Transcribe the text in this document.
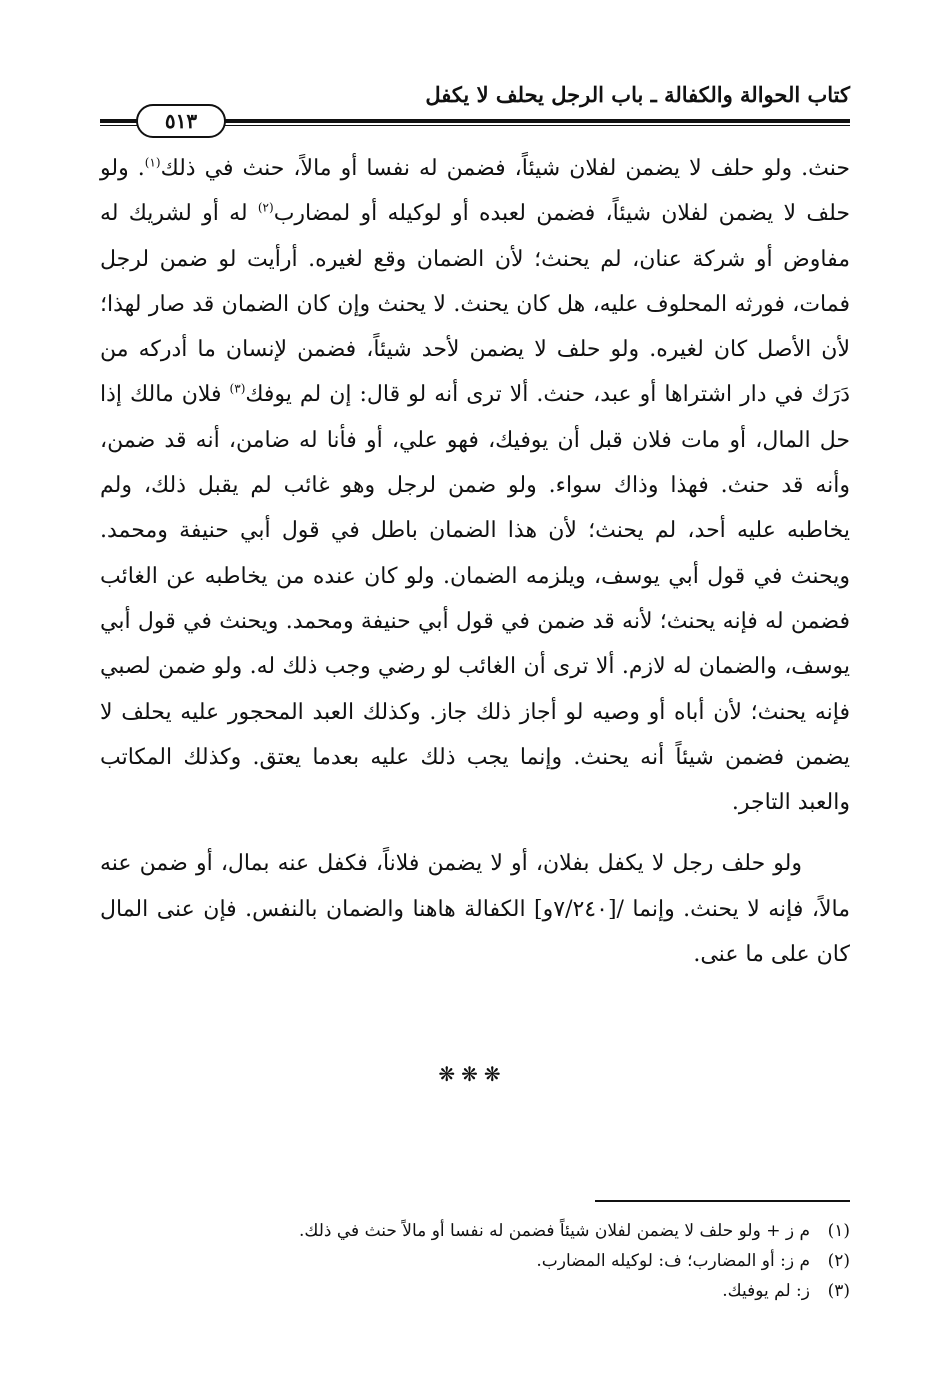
كتاب الحوالة والكفالة ـ باب الرجل يحلف لا يكفل
٥١٣

حنث. ولو حلف لا يضمن لفلان شيئاً، فضمن له نفسا أو مالاً، حنث في ذلك$^{(١)}$. ولو حلف لا يضمن لفلان شيئاً، فضمن لعبده أو لوكيله أو لمضارب$^{(٢)}$ له أو لشريك له مفاوض أو شركة عنان، لم يحنث؛ لأن الضمان وقع لغيره. أرأيت لو ضمن لرجل فمات، فورثه المحلوف عليه، هل كان يحنث. لا يحنث وإن كان الضمان قد صار لهذا؛ لأن الأصل كان لغيره. ولو حلف لا يضمن لأحد شيئاً، فضمن لإنسان ما أدركه من دَرَك في دار اشتراها أو عبد، حنث. ألا ترى أنه لو قال: إن لم يوفك$^{(٣)}$ فلان مالك إذا حل المال، أو مات فلان قبل أن يوفيك، فهو علي، أو فأنا له ضامن، أنه قد ضمن، وأنه قد حنث. فهذا وذاك سواء. ولو ضمن لرجل وهو غائب لم يقبل ذلك، ولم يخاطبه عليه أحد، لم يحنث؛ لأن هذا الضمان باطل في قول أبي حنيفة ومحمد. ويحنث في قول أبي يوسف، ويلزمه الضمان. ولو كان عنده من يخاطبه عن الغائب فضمن له فإنه يحنث؛ لأنه قد ضمن في قول أبي حنيفة ومحمد. ويحنث في قول أبي يوسف، والضمان له لازم. ألا ترى أن الغائب لو رضي وجب ذلك له. ولو ضمن لصبي فإنه يحنث؛ لأن أباه أو وصيه لو أجاز ذلك جاز. وكذلك العبد المحجور عليه يحلف لا يضمن فضمن شيئاً أنه يحنث. وإنما يجب ذلك عليه بعدما يعتق. وكذلك المكاتب والعبد التاجر.

ولو حلف رجل لا يكفل بفلان، أو لا يضمن فلاناً، فكفل عنه بمال، أو ضمن عنه مالاً، فإنه لا يحنث. وإنما /[٧/٢٤٠و] الكفالة هاهنا والضمان بالنفس. فإن عنى المال كان على ما عنى.

❋❋❋
(١)م ز + ولو حلف لا يضمن لفلان شيئاً فضمن له نفسا أو مالاً حنث في ذلك.
(٢)م ز: أو المضارب؛ ف: لوكيله المضارب.
(٣)ز: لم يوفيك.
